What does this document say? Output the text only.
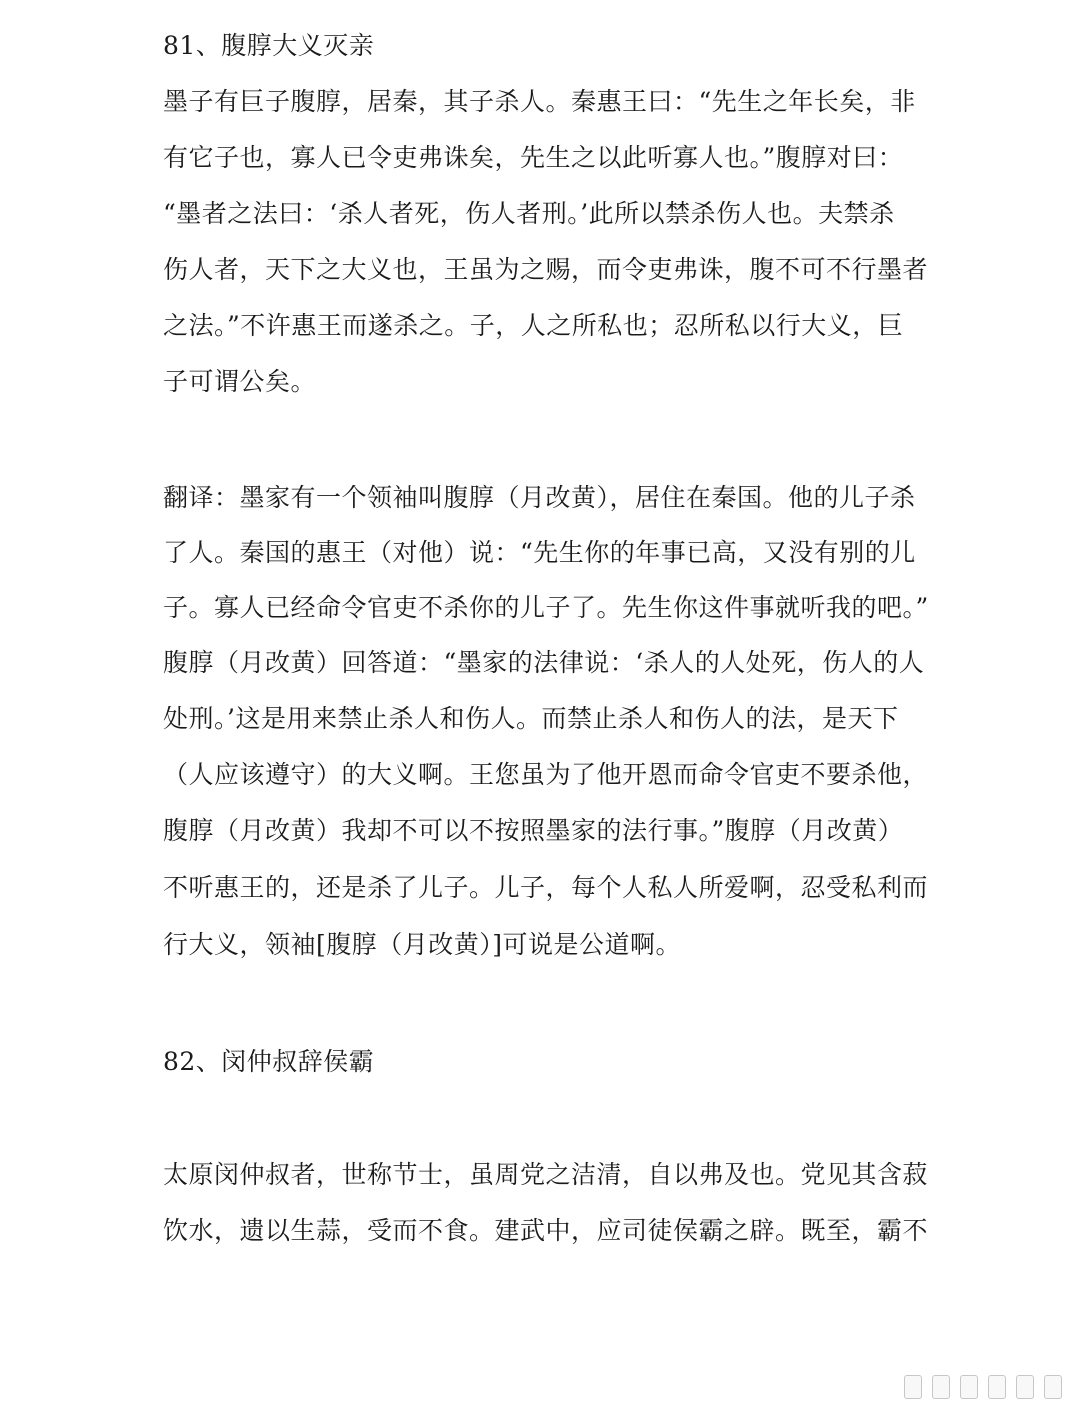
81、腹朜大义灭亲
墨子有巨子腹朜，居秦，其子杀人。秦惠王曰：“先生之年长矣，非
有它子也，寡人已令吏弗诛矣，先生之以此听寡人也。”腹朜对曰：
“墨者之法曰：‘杀人者死，伤人者刑。’此所以禁杀伤人也。夫禁杀
伤人者，天下之大义也，王虽为之赐，而令吏弗诛，腹不可不行墨者
之法。”不许惠王而遂杀之。子，人之所私也；忍所私以行大义，巨
子可谓公矣。
翻译：墨家有一个领袖叫腹朜（月改黄），居住在秦国。他的儿子杀
了人。秦国的惠王（对他）说：“先生你的年事已高，又没有别的儿
子。寡人已经命令官吏不杀你的儿子了。先生你这件事就听我的吧。”
腹朜（月改黄）回答道：“墨家的法律说：‘杀人的人处死，伤人的人
处刑。’这是用来禁止杀人和伤人。而禁止杀人和伤人的法，是天下
（人应该遵守）的大义啊。王您虽为了他开恩而命令官吏不要杀他，
腹朜（月改黄）我却不可以不按照墨家的法行事。”腹朜（月改黄）
不听惠王的，还是杀了儿子。儿子，每个人私人所爱啊，忍受私利而
行大义，领袖[腹朜（月改黄）]可说是公道啊。
82、闵仲叔辞侯霸
太原闵仲叔者，世称节士，虽周党之洁清，自以弗及也。党见其含菽
饮水，遗以生蒜，受而不食。建武中，应司徒侯霸之辟。既至，霸不
